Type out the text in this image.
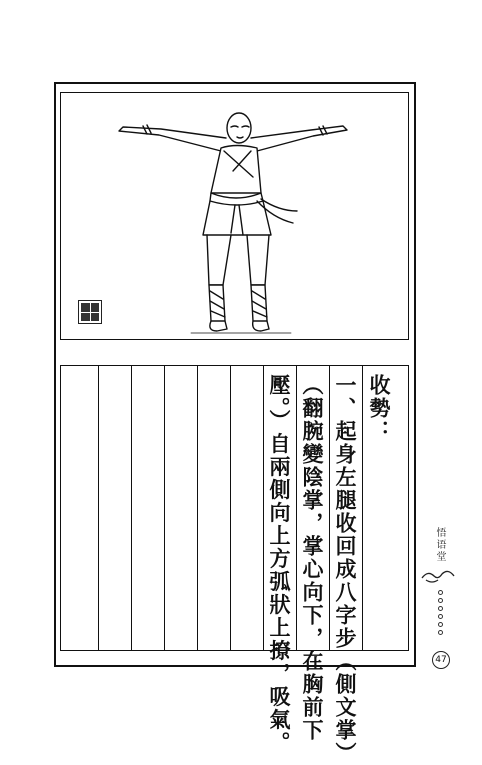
收勢：
一、起身左腿收回成八字步（側文掌）
（翻腕變陰掌，掌心向下，在胸前下
壓。）自兩側向上方弧狀上撩，吸氣。	悟语堂
47
